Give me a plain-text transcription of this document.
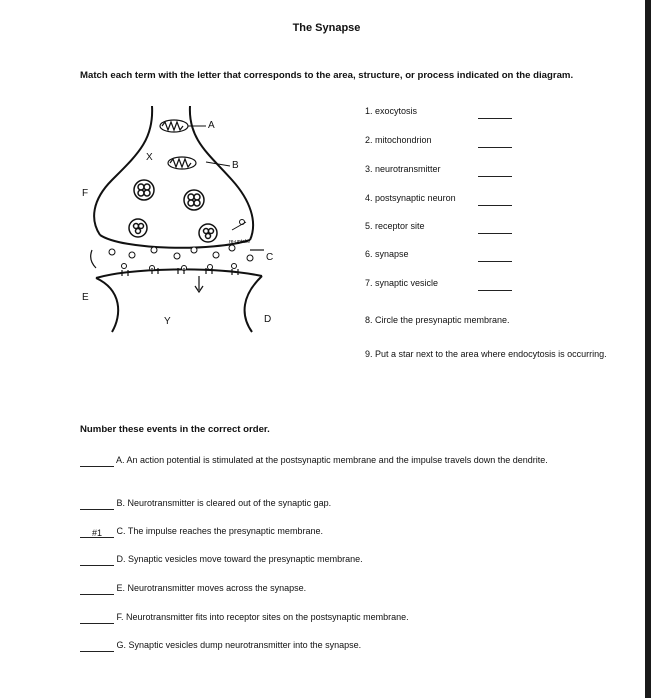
The Synapse
Match each term with the letter that corresponds to the area, structure, or process indicated on the diagram.
re-uptake
A
B
C
D
E
F
X
Y
1. exocytosis
2. mitochondrion
3. neurotransmitter
4. postsynaptic neuron
5. receptor site
6. synapse
7. synaptic vesicle
8. Circle the presynaptic membrane.
9. Put a star next to the area where endocytosis is occurring.
Number these events in the correct order.
A. An action potential is stimulated at the postsynaptic membrane and the impulse travels down the dendrite.
B. Neurotransmitter is cleared out of the synaptic gap.
#1 C. The impulse reaches the presynaptic membrane.
D. Synaptic vesicles move toward the presynaptic membrane.
E. Neurotransmitter moves across the synapse.
F. Neurotransmitter fits into receptor sites on the postsynaptic membrane.
G. Synaptic vesicles dump neurotransmitter into the synapse.
